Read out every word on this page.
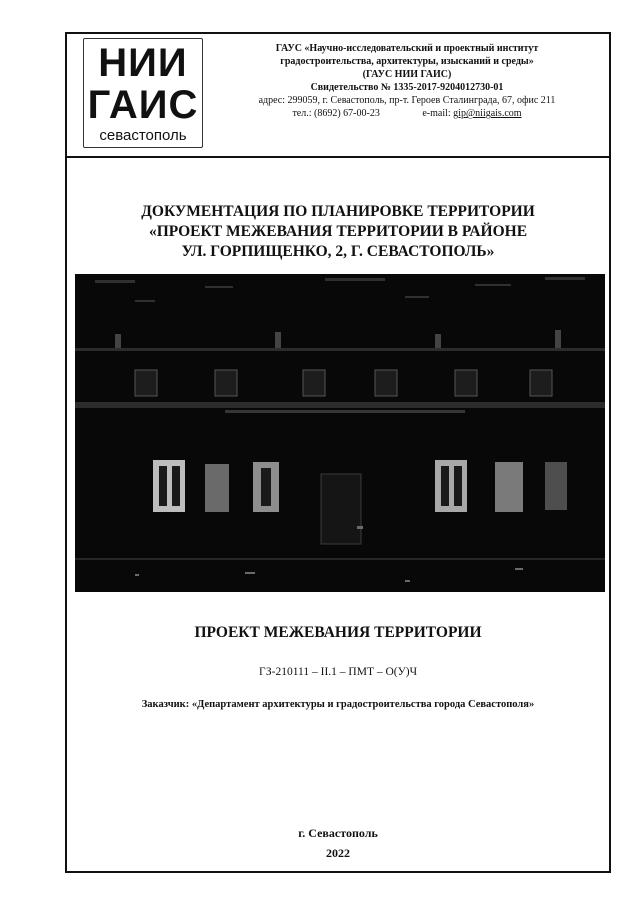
НИИ
ГАИС
севастополь
ГАУС «Научно-исследовательский и проектный институт
градостроительства, архитектуры, изысканий и среды»
(ГАУС НИИ ГАИС)
Свидетельство № 1335-2017-9204012730-01
адрес: 299059, г. Севастополь, пр-т. Героев Сталинграда, 67, офис 211
тел.: (8692) 67-00-23	e-mail: gip@niigais.com
ДОКУМЕНТАЦИЯ ПО ПЛАНИРОВКЕ ТЕРРИТОРИИ
«ПРОЕКТ МЕЖЕВАНИЯ ТЕРРИТОРИИ В РАЙОНЕ
УЛ. ГОРПИЩЕНКО, 2, Г. СЕВАСТОПОЛЬ»
ПРОЕКТ МЕЖЕВАНИЯ ТЕРРИТОРИИ
ГЗ-210111 – II.1 – ПМТ – О(У)Ч
Заказчик: «Департамент архитектуры и градостроительства города Севастополя»
г. Севастополь
2022
